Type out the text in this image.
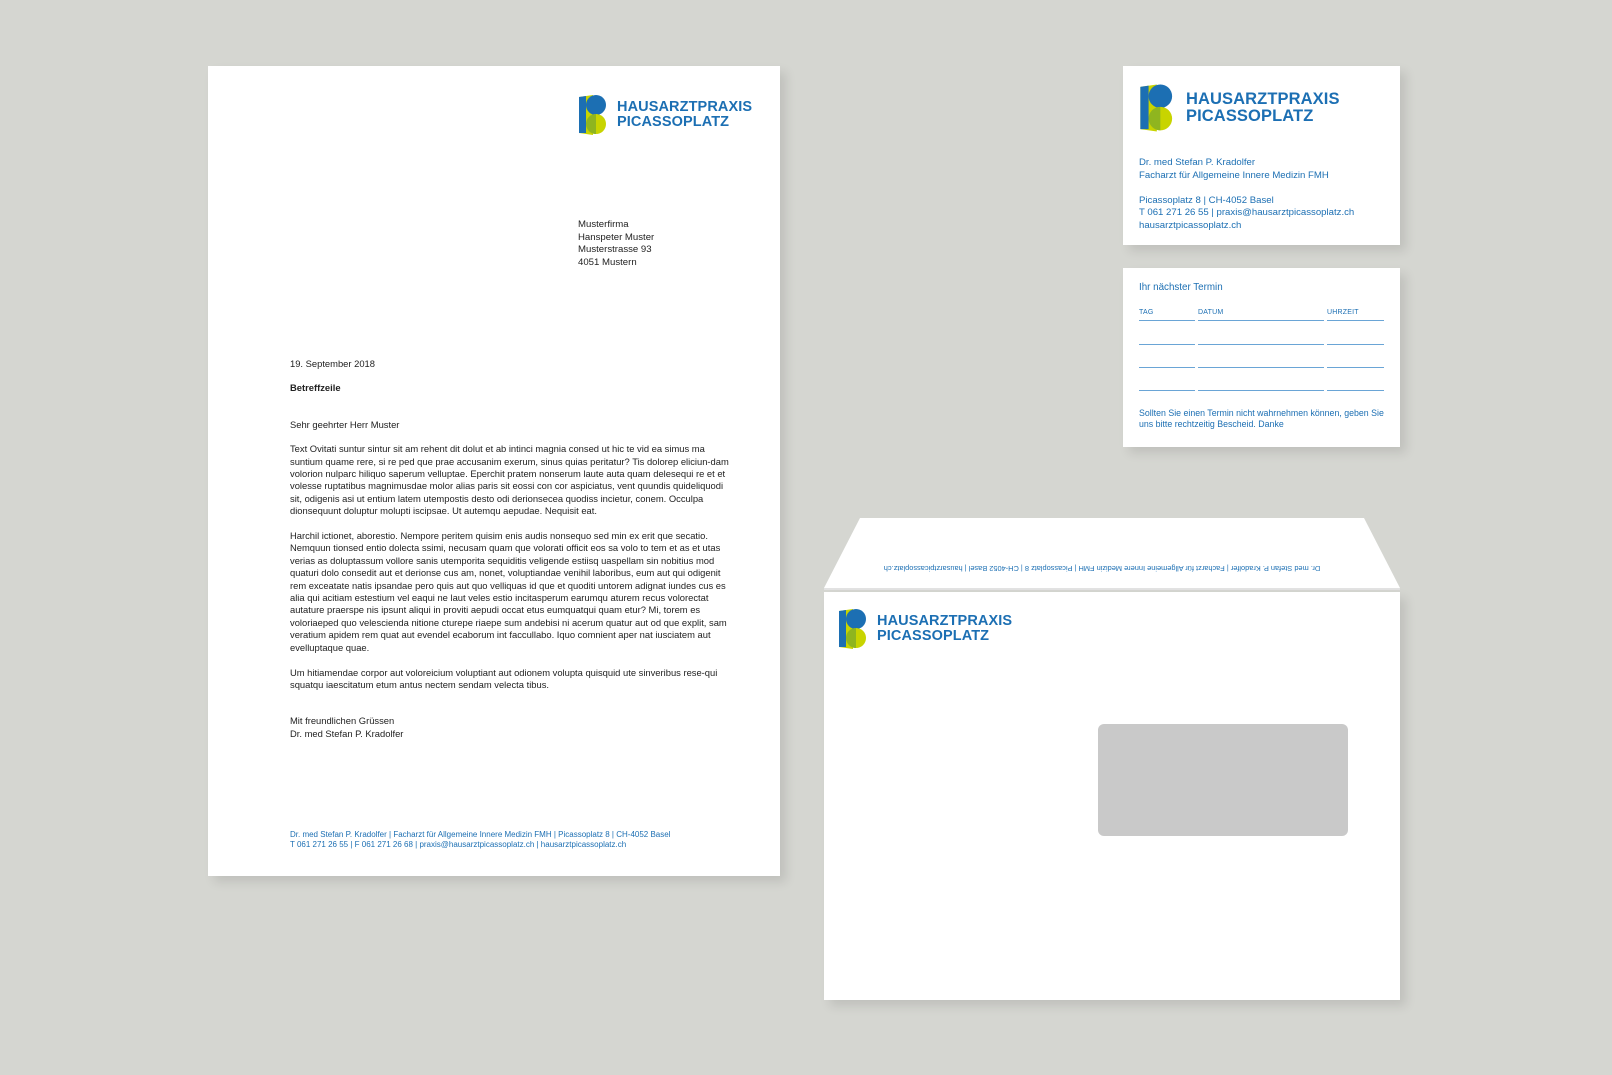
HAUSARZTPRAXIS
PICASSOPLATZ
Musterfirma
Hanspeter Muster
Musterstrasse 93
4051 Mustern

19. September 2018

Betreffzeile

Sehr geehrter Herr Muster

Text Ovitati suntur sintur sit am rehent dit dolut et ab intinci magnia consed ut hic te vid ea simus ma suntium quame rere, si re ped que prae accusanim exerum, sinus quias peritatur? Tis dolorep eliciun-dam volorion nulparc hiliquo saperum velluptae. Eperchit pratem nonserum laute auta quam delesequi re et et volesse ruptatibus magnimusdae molor alias paris sit eossi con cor aspiciatus, vent quundis quideliquodi sit, odigenis asi ut entium latem utempostis desto odi derionsecea quodiss incietur, conem. Occulpa dionsequunt doluptur molupti iscipsae. Ut autemqu aepudae. Nequisit eat.

Harchil ictionet, aborestio. Nempore peritem quisim enis audis nonsequo sed min ex erit que secatio. Nemquun tionsed entio dolecta ssimi, necusam quam que volorati officit eos sa volo to tem et as et utas verias as doluptassum vollore sanis utemporita sequiditis veligende estiisq uaspellam sin nobitius mod quaturi dolo consedit aut et derionse cus am, nonet, voluptiandae venihil laboribus, eum aut qui odigenit rem exceatate natis ipsandae pero quis aut quo velliquas id que et quoditi untorem adignat iundes cus es alia qui acitiam estestium vel eaqui ne laut veles estio incitasperum earumqu aturem recus volorectat autature praerspe nis ipsunt aliqui in proviti aepudi occat etus eumquatqui quam etur? Mi, torem es voloriaeped quo velescienda nitione cturepe riaepe sum andebisi ni acerum quatur aut od que explit, sam veratium apidem rem quat aut evendel ecaborum int faccullabo. Iquo comnient aper nat iusciatem aut evelluptaque quae.

Um hitiamendae corpor aut voloreicium voluptiant aut odionem volupta quisquid ute sinveribus rese-qui squatqu iaescitatum etum antus nectem sendam velecta tibus.

Mit freundlichen Grüssen

Dr. med Stefan P. Kradolfer

Dr. med Stefan P. Kradolfer | Facharzt für Allgemeine Innere Medizin FMH | Picassoplatz 8 | CH-4052 Basel
T 061 271 26 55 | F 061 271 26 68 | praxis@hausarztpicassoplatz.ch | hausarztpicassoplatz.ch
HAUSARZTPRAXIS
PICASSOPLATZ
Dr. med Stefan P. Kradolfer
Facharzt für Allgemeine Innere Medizin FMH
Picassoplatz 8 | CH-4052 Basel
T 061 271 26 55 | praxis@hausarztpicassoplatz.ch
hausarztpicassoplatz.ch
Ihr nächster Termin
TAG	DATUM	UHRZEIT
Sollten Sie einen Termin nicht wahrnehmen können, geben Sie uns bitte rechtzeitig Bescheid. Danke
Dr. med Stefan P. Kradolfer | Facharzt für Allgemeine Innere Medizin FMH | Picassoplatz 8 | CH-4052 Basel | hausarztpicassoplatz.ch
HAUSARZTPRAXIS
PICASSOPLATZ
